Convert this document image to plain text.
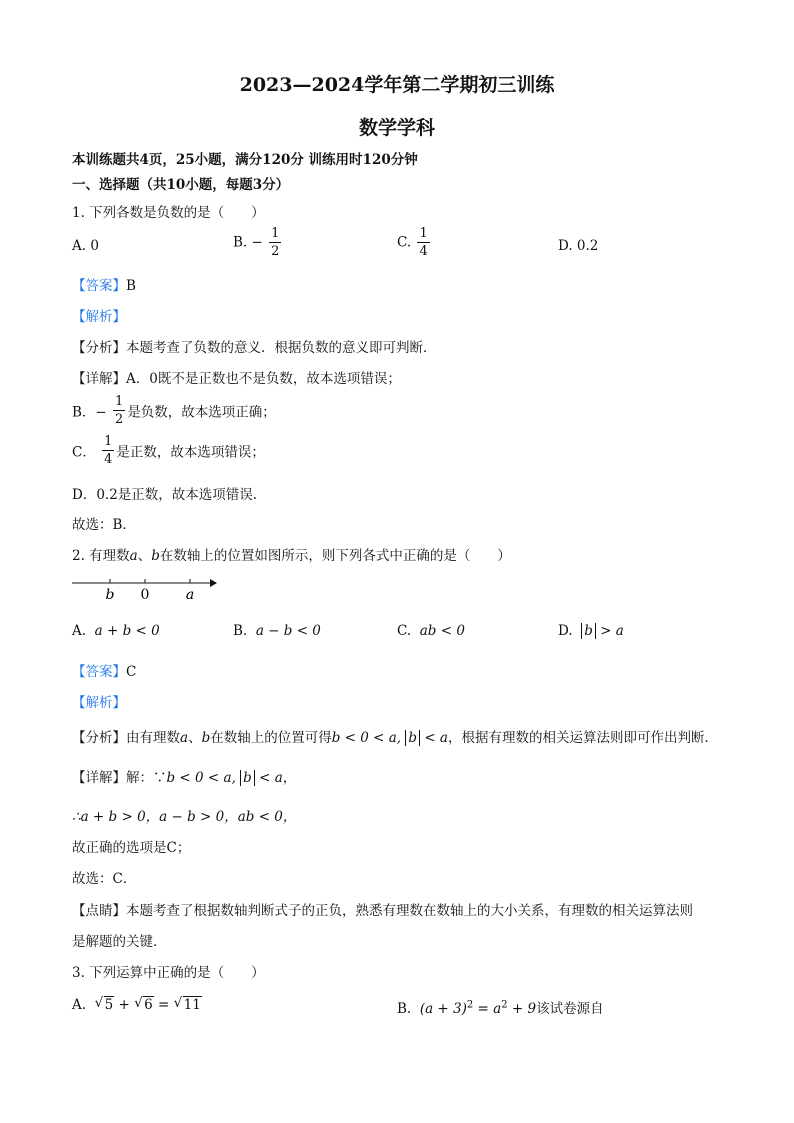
2023—2024学年第二学期初三训练
数学学科
本训练题共4页，25小题，满分120分 训练用时120分钟
一、选择题（共10小题，每题3分）
1. 下列各数是负数的是（　　）
A. 0	B. − $\frac{1}{2}$	C. $\frac{1}{4}$	D. 0.2
【答案】B
【解析】
【分析】本题考查了负数的意义．根据负数的意义即可判断．
【详解】A．0既不是正数也不是负数，故本选项错误；
B．− $\frac{1}{2}$ 是负数，故本选项正确；
C． $\frac{1}{4}$ 是正数，故本选项错误；
D．0.2是正数，故本选项错误.
故选：B．
2. 有理数a、b在数轴上的位置如图所示，则下列各式中正确的是（　　）
b 0	a
A. a + b < 0	B. a − b < 0	C. ab < 0	D. b > a
【答案】C
【解析】
【分析】由有理数a、b在数轴上的位置可得b < 0 < a, b < a，根据有理数的相关运算法则即可作出判断．
【详解】解：∵b < 0 < a, b < a，
∴a + b > 0，a − b > 0，ab < 0，
故正确的选项是C；
故选：C．
【点睛】本题考查了根据数轴判断式子的正负，熟悉有理数在数轴上的大小关系，有理数的相关运算法则
是解题的关键．
3. 下列运算中正确的是（　　）
A.  √ 5 + √ 6 = √ 11	B. $(a + 3)^2 = a^2 + 9$该试卷源自
